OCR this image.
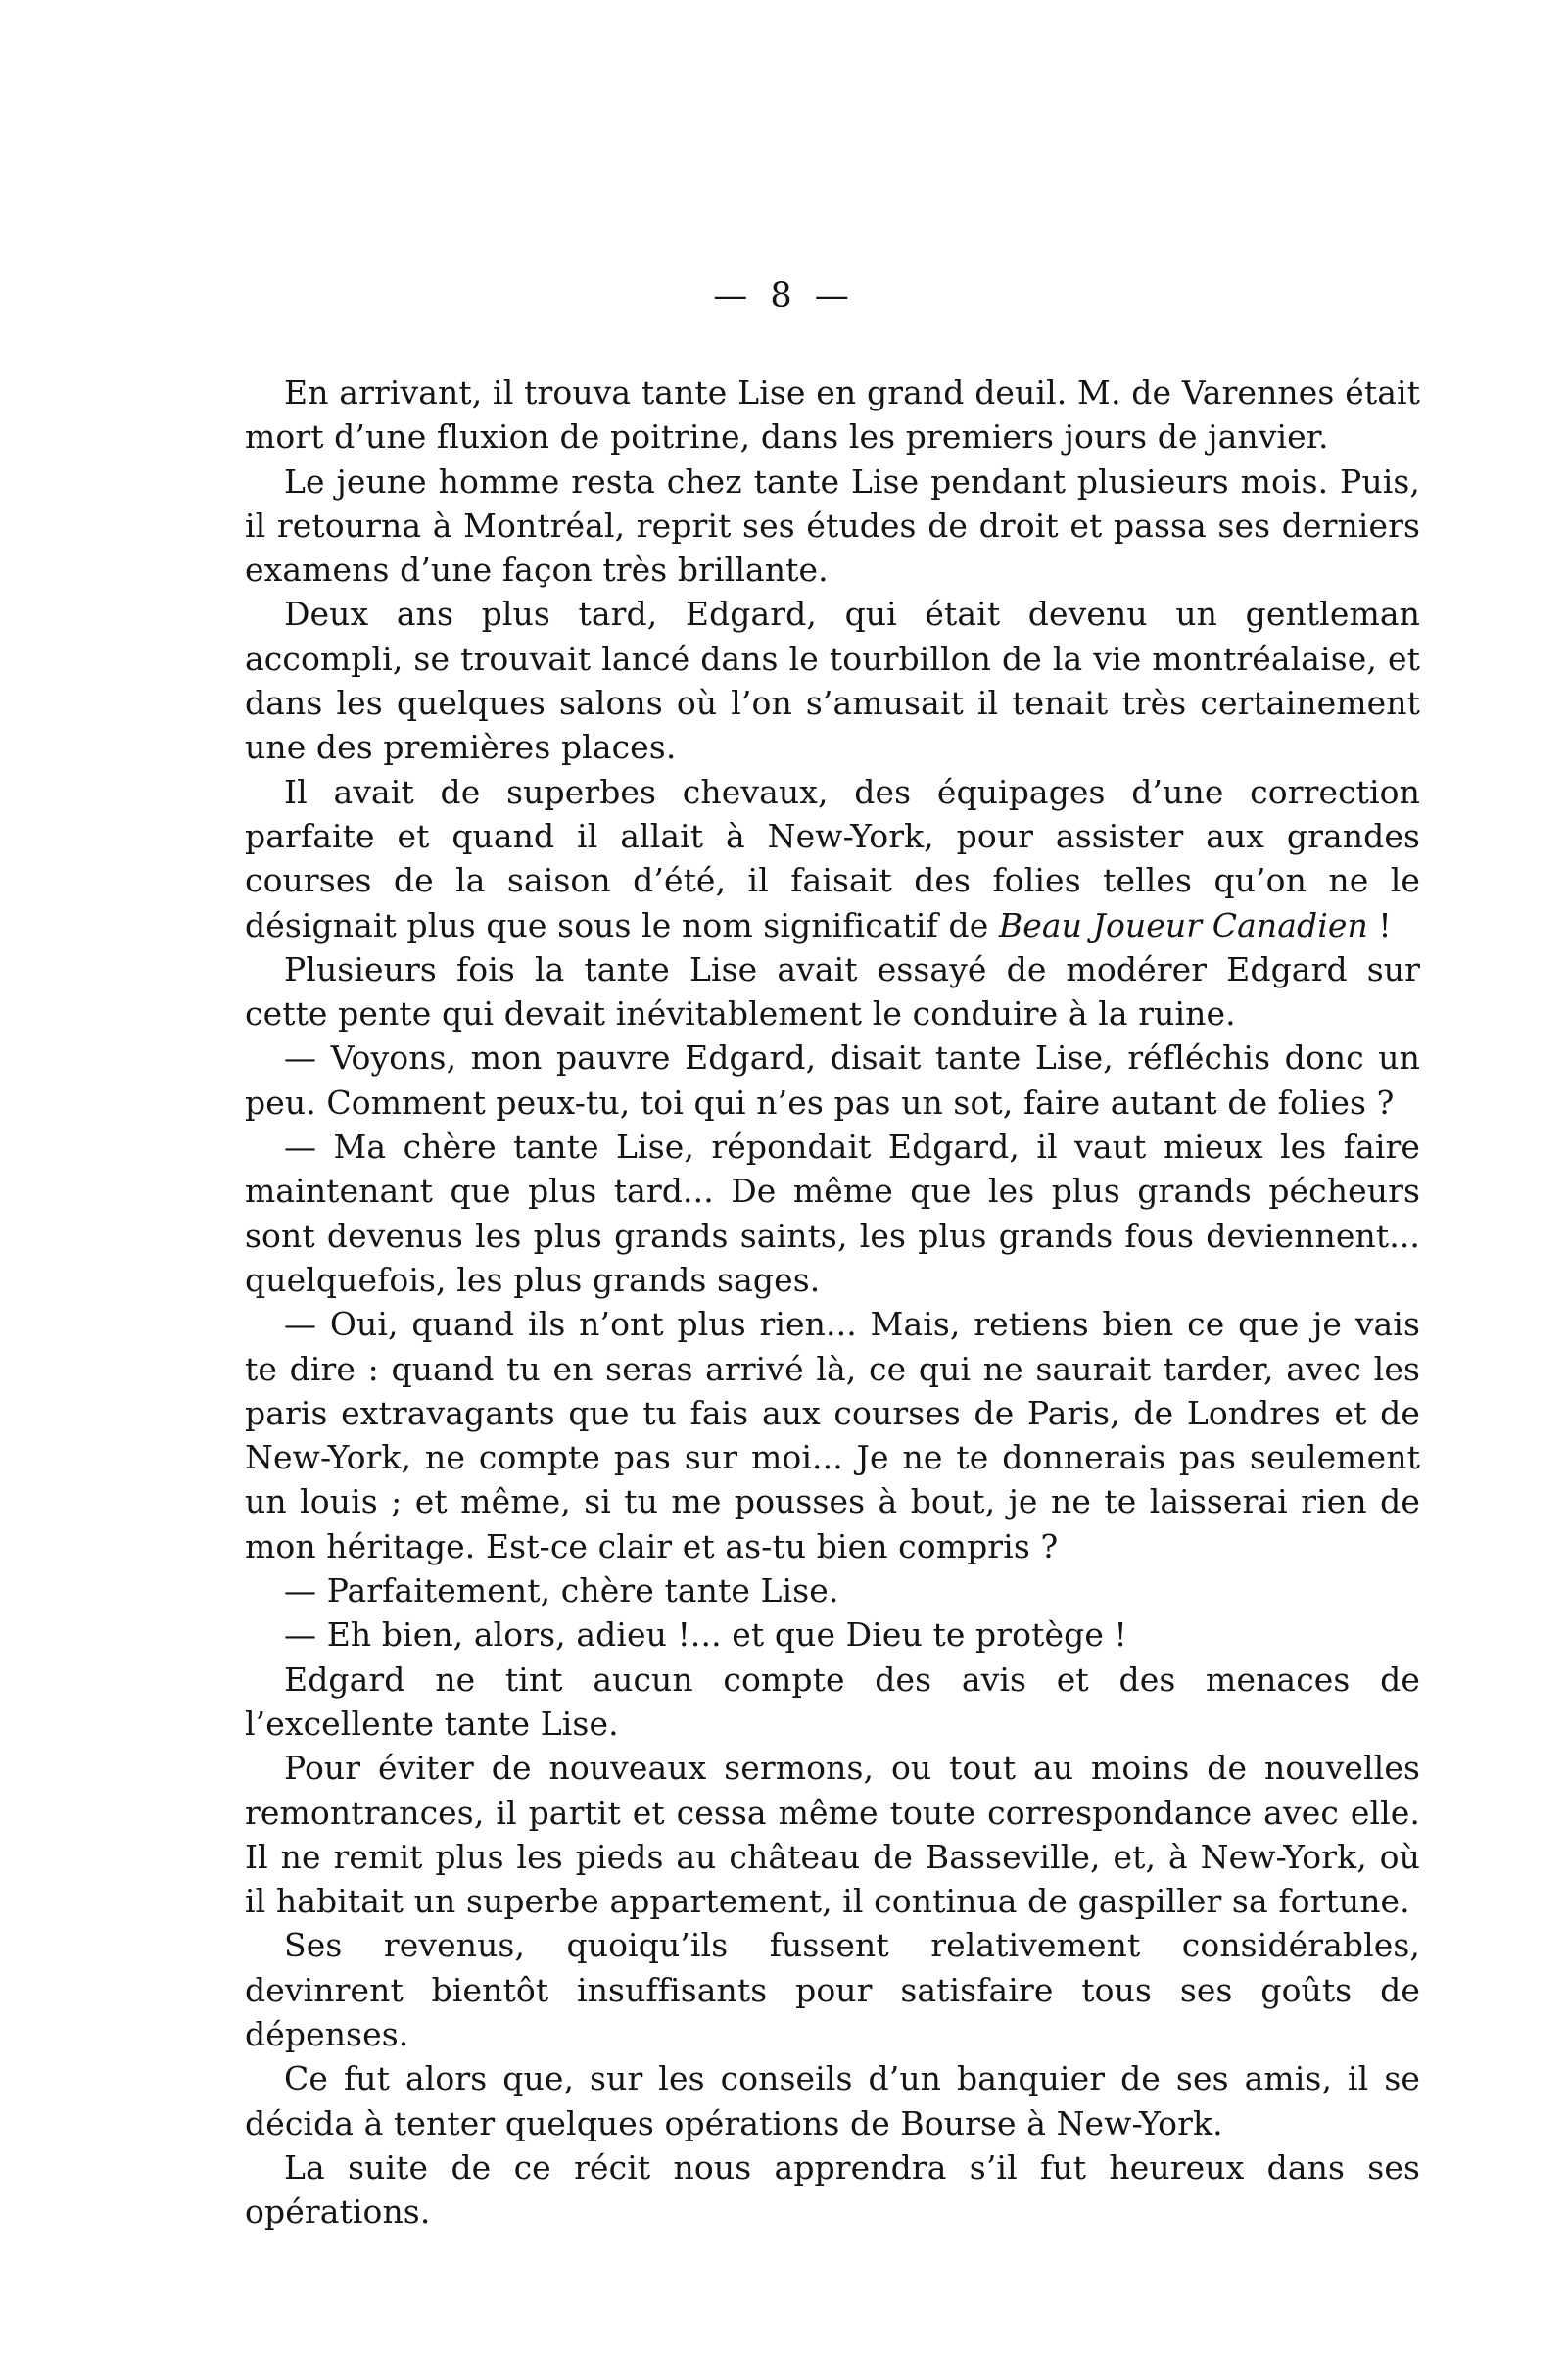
— 8 —

En arrivant, il trouva tante Lise en grand deuil. M. de Varennes était mort d’une fluxion de poitrine, dans les premiers jours de janvier.

Le jeune homme resta chez tante Lise pendant plusieurs mois. Puis, il retourna à Montréal, reprit ses études de droit et passa ses derniers examens d’une façon très brillante.

Deux ans plus tard, Edgard, qui était devenu un gentleman accompli, se trouvait lancé dans le tourbillon de la vie montréalaise, et dans les quelques salons où l’on s’amusait il tenait très certainement une des premières places.

Il avait de superbes chevaux, des équipages d’une correction parfaite et quand il allait à New-York, pour assister aux grandes courses de la saison d’été, il faisait des folies telles qu’on ne le désignait plus que sous le nom significatif de Beau Joueur Canadien !

Plusieurs fois la tante Lise avait essayé de modérer Edgard sur cette pente qui devait inévitablement le conduire à la ruine.

— Voyons, mon pauvre Edgard, disait tante Lise, réfléchis donc un peu. Comment peux-tu, toi qui n’es pas un sot, faire autant de folies ?

— Ma chère tante Lise, répondait Edgard, il vaut mieux les faire maintenant que plus tard... De même que les plus grands pécheurs sont devenus les plus grands saints, les plus grands fous deviennent... quelquefois, les plus grands sages.

— Oui, quand ils n’ont plus rien... Mais, retiens bien ce que je vais te dire : quand tu en seras arrivé là, ce qui ne saurait tarder, avec les paris extravagants que tu fais aux courses de Paris, de Londres et de New-York, ne compte pas sur moi... Je ne te donnerais pas seulement un louis ; et même, si tu me pousses à bout, je ne te laisserai rien de mon héritage. Est-ce clair et as-tu bien compris ?

— Parfaitement, chère tante Lise.

— Eh bien, alors, adieu !... et que Dieu te protège !

Edgard ne tint aucun compte des avis et des menaces de l’excellente tante Lise.

Pour éviter de nouveaux sermons, ou tout au moins de nouvelles remontrances, il partit et cessa même toute correspondance avec elle. Il ne remit plus les pieds au château de Basseville, et, à New-York, où il habitait un superbe appartement, il continua de gaspiller sa fortune.

Ses revenus, quoiqu’ils fussent relativement considérables, devinrent bientôt insuffisants pour satisfaire tous ses goûts de dépenses.

Ce fut alors que, sur les conseils d’un banquier de ses amis, il se décida à tenter quelques opérations de Bourse à New-York.

La suite de ce récit nous apprendra s’il fut heureux dans ses opérations.
